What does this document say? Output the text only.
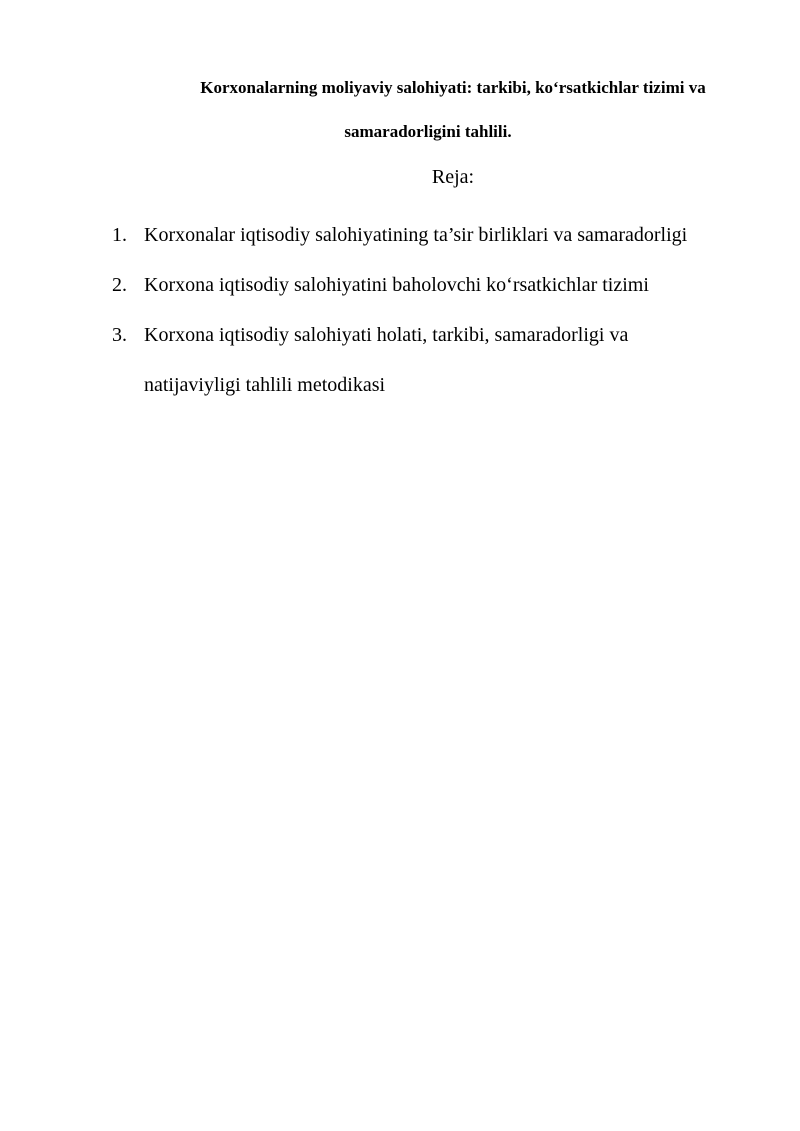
Korxonalarning moliyaviy salohiyati: tarkibi, koʻrsatkichlar tizimi va
samaradorligini tahlili.
Reja:
1. Korxonalar iqtisodiy salohiyatining ta’sir birliklari va samaradorligi
2. Korxona iqtisodiy salohiyatini baholovchi koʻrsatkichlar tizimi
3. Korxona iqtisodiy salohiyati holati, tarkibi, samaradorligi va
natijaviyligi tahlili metodikasi
